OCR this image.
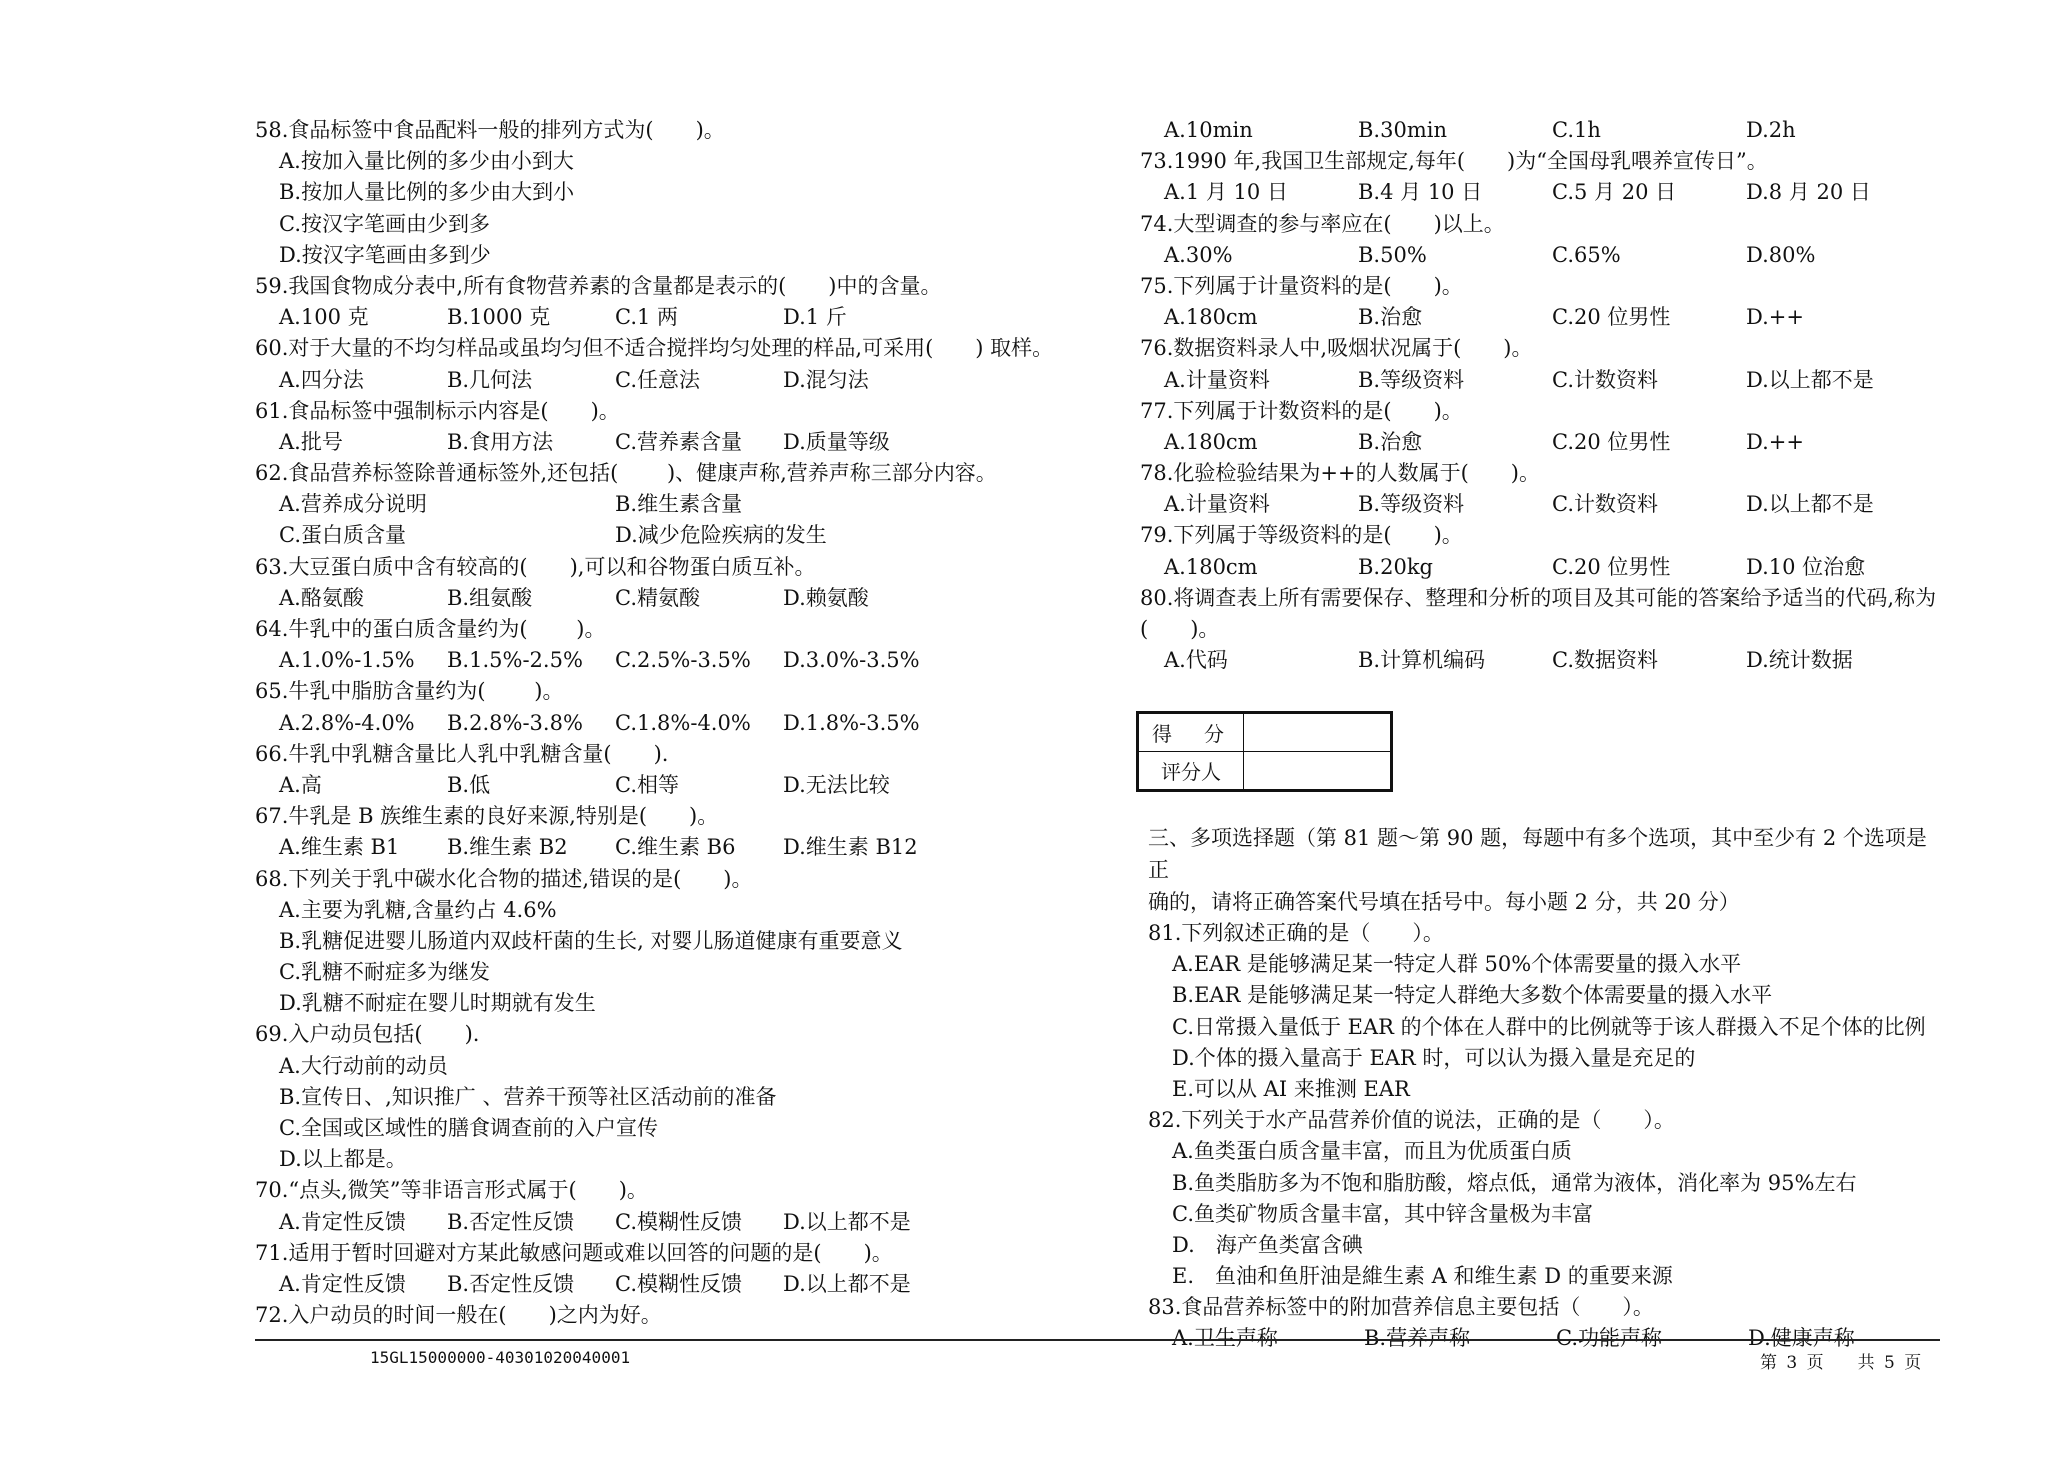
58.食品标签中食品配料一般的排列方式为(　　)。
A.按加入量比例的多少由小到大
B.按加人量比例的多少由大到小
C.按汉字笔画由少到多
D.按汉字笔画由多到少
59.我国食物成分表中,所有食物营养素的含量都是表示的(　　)中的含量。
A.100 克	B.1000 克	C.1 两	D.1 斤
60.对于大量的不均匀样品或虽均匀但不适合搅拌均匀处理的样品,可采用(　　) 取样。
A.四分法	B.几何法	C.任意法	D.混匀法
61.食品标签中强制标示内容是(　　)。
A.批号	B.食用方法	C.营养素含量	D.质量等级
62.食品营养标签除普通标签外,还包括(　　 )、健康声称,营养声称三部分内容。
A.营养成分说明	B.维生素含量
C.蛋白质含量	D.减少危险疾病的发生
63.大豆蛋白质中含有较高的(　　),可以和谷物蛋白质互补。
A.酪氨酸	B.组氨酸	C.精氨酸	D.赖氨酸
64.牛乳中的蛋白质含量约为(　　 )。
A.1.0%-1.5%	B.1.5%-2.5%	C.2.5%-3.5%	D.3.0%-3.5%
65.牛乳中脂肪含量约为(　　 )。
A.2.8%-4.0%	B.2.8%-3.8%	C.1.8%-4.0%	D.1.8%-3.5%
66.牛乳中乳糖含量比人乳中乳糖含量(　　).
A.高	B.低	C.相等	D.无法比较
67.牛乳是 B 族维生素的良好来源,特别是(　　)。
A.维生素 B1	B.维生素 B2	C.维生素 B6	D.维生素 B12
68.下列关于乳中碳水化合物的描述,错误的是(　　)。
A.主要为乳糖,含量约占 4.6%
B.乳糖促进婴儿肠道内双歧杆菌的生长, 对婴儿肠道健康有重要意义
C.乳糖不耐症多为继发
D.乳糖不耐症在婴儿时期就有发生
69.入户动员包括(　　).
A.大行动前的动员
B.宣传日、,知识推广 、营养干预等社区活动前的准备
C.全国或区域性的膳食调查前的入户宣传
D.以上都是。
70.“点头,微笑”等非语言形式属于(　　)。
A.肯定性反馈	B.否定性反馈	C.模糊性反馈	D.以上都不是
71.适用于暂时回避对方某此敏感问题或难以回答的问题的是(　　)。
A.肯定性反馈	B.否定性反馈	C.模糊性反馈	D.以上都不是
72.入户动员的时间一般在(　　)之内为好。
A.10min	B.30min	C.1h	D.2h
73.1990 年,我国卫生部规定,每年(　　)为“全国母乳喂养宣传日”。
A.1 月 10 日	B.4 月 10 日	C.5 月 20 日	D.8 月 20 日
74.大型调查的参与率应在(　　)以上。
A.30%	B.50%	C.65%	D.80%
75.下列属于计量资料的是(　　)。
A.180cm	B.治愈	C.20 位男性	D.++
76.数据资料录人中,吸烟状况属于(　　)。
A.计量资料	B.等级资料	C.计数资料	D.以上都不是
77.下列属于计数资料的是(　　)。
A.180cm	B.治愈	C.20 位男性	D.++
78.化验检验结果为++的人数属于(　　)。
A.计量资料	B.等级资料	C.计数资料	D.以上都不是
79.下列属于等级资料的是(　　)。
A.180cm	B.20kg	C.20 位男性	D.10 位治愈
80.将调查表上所有需要保存、整理和分析的项目及其可能的答案给予适当的代码,称为
(　　)。
A.代码	B.计算机编码	C.数据资料	D.统计数据
得　分	
评分人	
三、多项选择题（第 81 题～第 90 题，每题中有多个选项，其中至少有 2 个选项是正
确的，请将正确答案代号填在括号中。每小题 2 分，共 20 分）
81.下列叙述正确的是（　　）。
A.EAR 是能够满足某一特定人群 50%个体需要量的摄入水平
B.EAR 是能够满足某一特定人群绝大多数个体需要量的摄入水平
C.日常摄入量低于 EAR 的个体在人群中的比例就等于该人群摄入不足个体的比例
D.个体的摄入量高于 EAR 时，可以认为摄入量是充足的
E.可以从 AI 来推测 EAR
82.下列关于水产品营养价值的说法，正确的是（　　）。
A.鱼类蛋白质含量丰富，而且为优质蛋白质
B.鱼类脂肪多为不饱和脂肪酸，熔点低，通常为液体，消化率为 95%左右
C.鱼类矿物质含量丰富，其中锌含量极为丰富
D.　海产鱼类富含碘
E.　鱼油和鱼肝油是維生素 A 和维生素 D 的重要来源
83.食品营养标签中的附加营养信息主要包括（　　）。
A.卫生声称	B.营养声称	C.功能声称	D.健康声称
15GL15000000-40301020040001	第 3 页　　共 5 页
